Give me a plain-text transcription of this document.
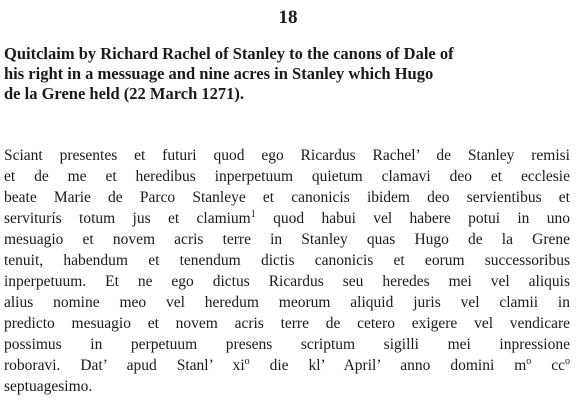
18
Quitclaim by Richard Rachel of Stanley to the canons of Dale of
his right in a messuage and nine acres in Stanley which Hugo
de la Grene held (22 March 1271).
Sciant presentes et futuri quod ego Ricardus Rachel’ de Stanley remisi
et de me et heredibus inperpetuum quietum clamavi deo et ecclesie
beate Marie de Parco Stanleye et canonicis ibidem deo servientibus et
serviturís totum jus et clamium$^1$ quod habui vel habere potui in uno
mesuagio et novem acris terre in Stanley quas Hugo de la Grene
tenuit, habendum et tenendum dictis canonicis et eorum successoribus
inperpetuum. Et ne ego dictus Ricardus seu heredes mei vel aliquis
alius nomine meo vel heredum meorum aliquid juris vel clamii in
predicto mesuagio et novem acris terre de cetero exigere vel vendicare
possimus in perpetuum presens scriptum sigilli mei inpressione
roboravi. Dat’ apud Stanl’ $xi^o$ die kl’ April’ anno domini $m^o$ $cc^o$
septuagesimo.
